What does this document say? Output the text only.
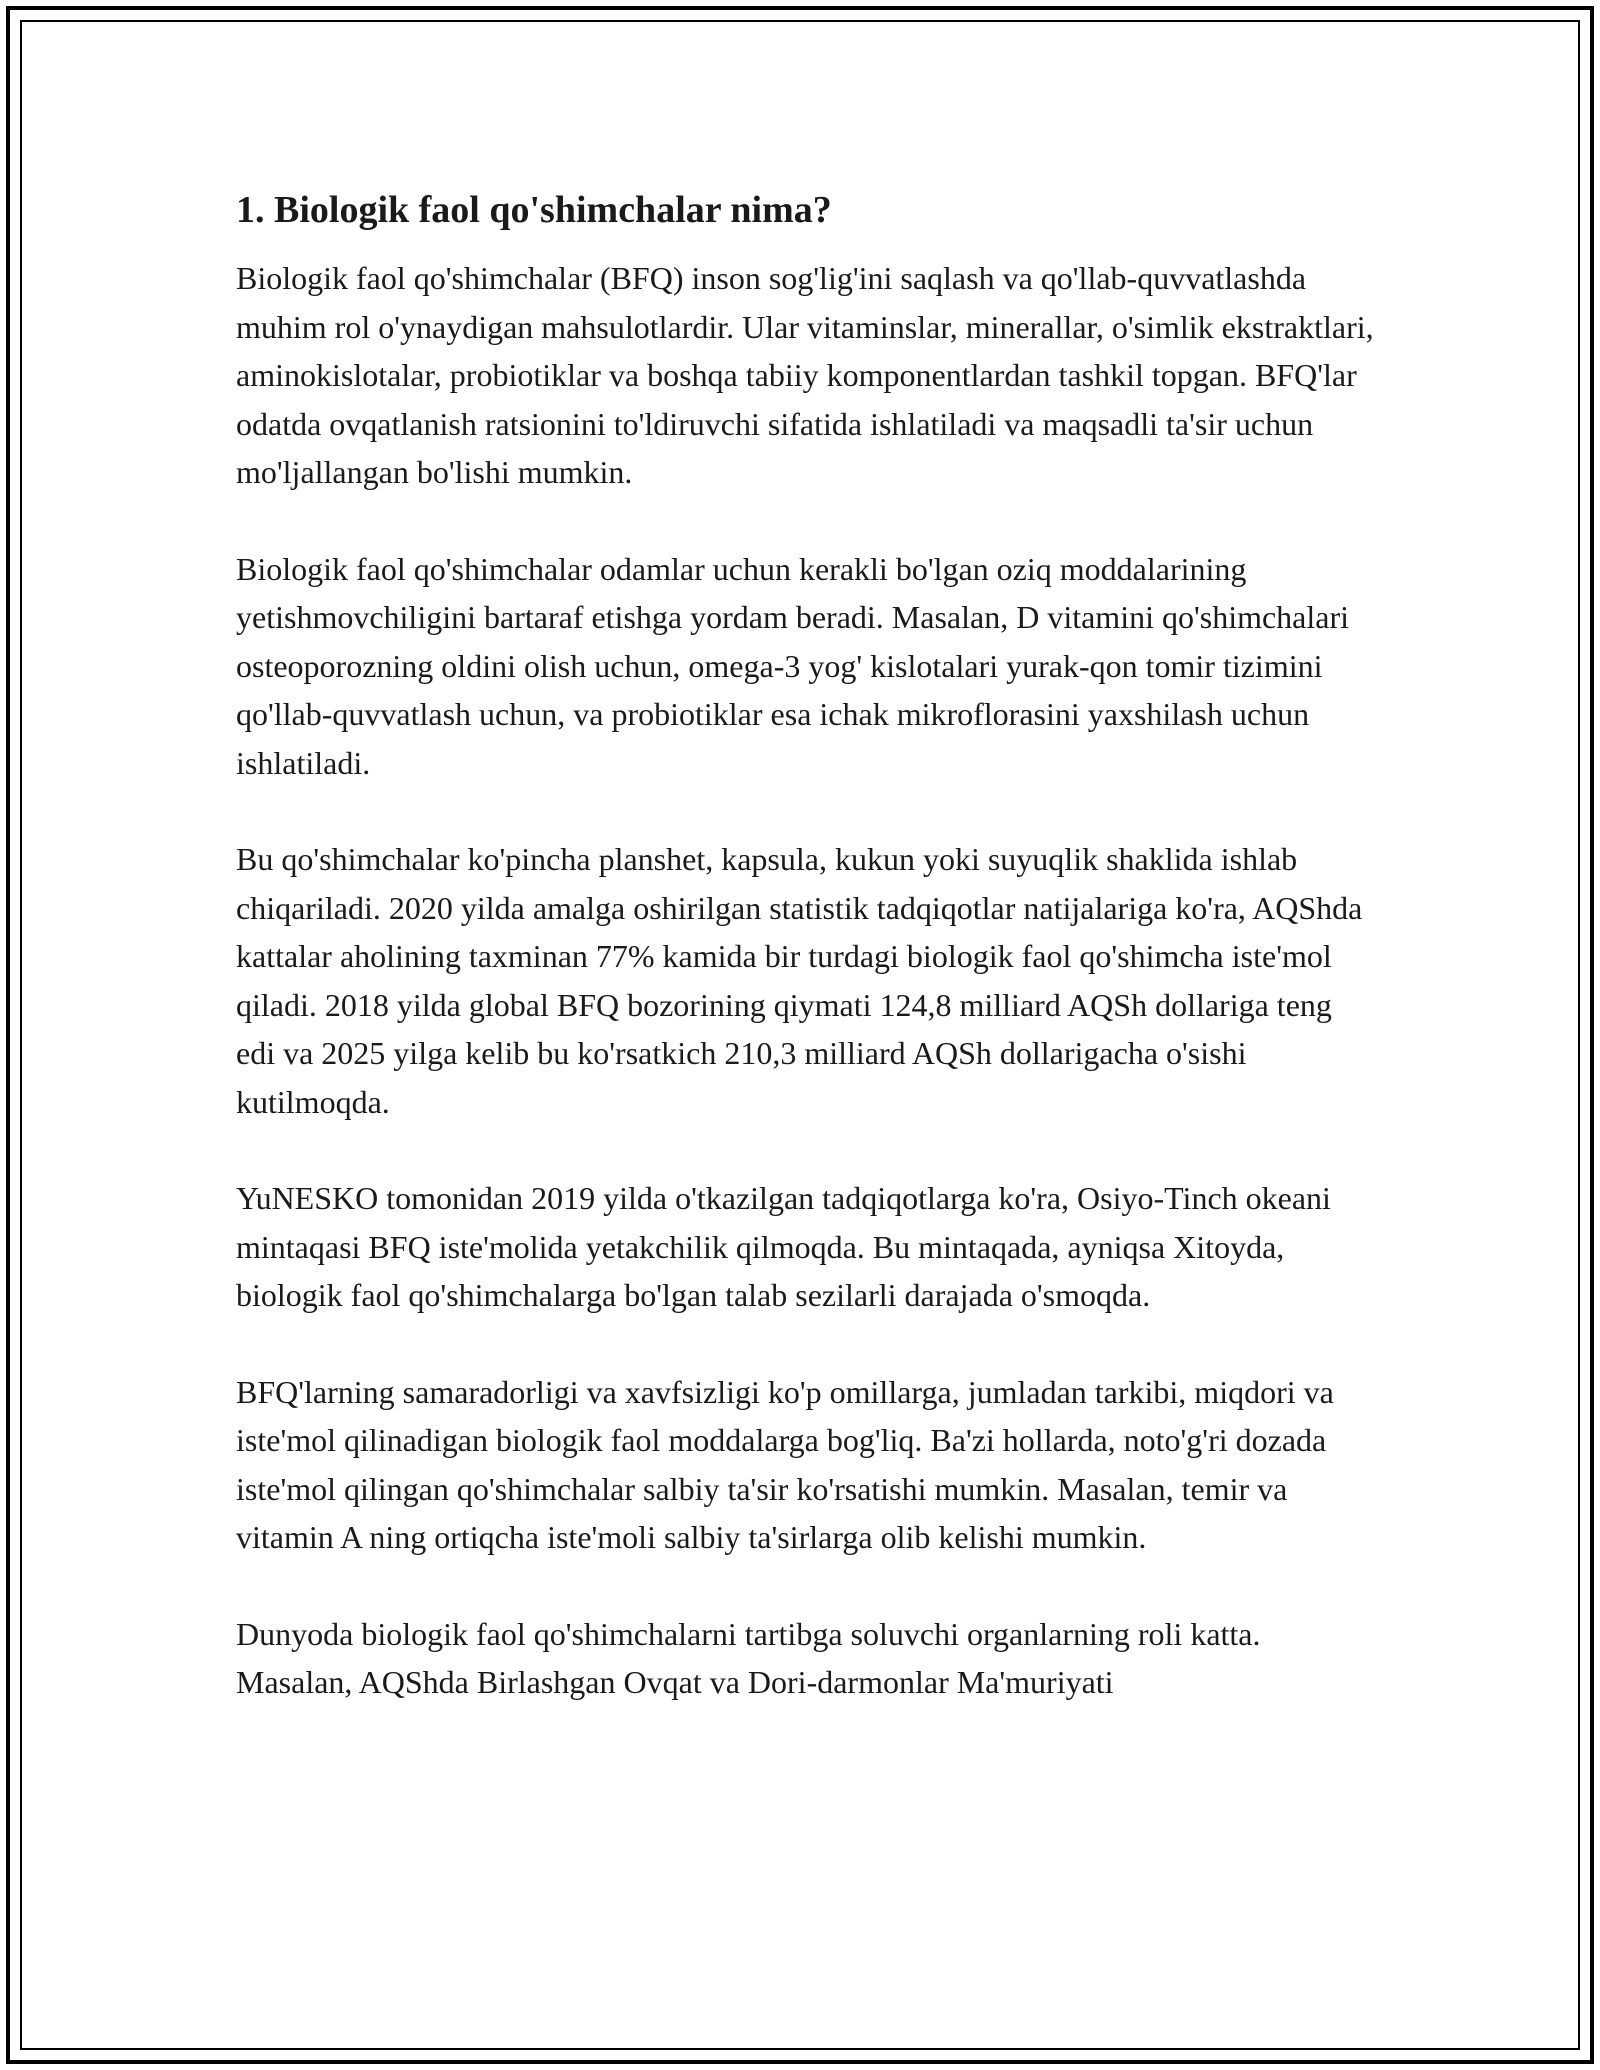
1. Biologik faol qo'shimchalar nima?

Biologik faol qo'shimchalar (BFQ) inson sog'lig'ini saqlash va qo'llab-quvvatlashda muhim rol o'ynaydigan mahsulotlardir. Ular vitaminslar, minerallar, o'simlik ekstraktlari, aminokislotalar, probiotiklar va boshqa tabiiy komponentlardan tashkil topgan. BFQ'lar odatda ovqatlanish ratsionini to'ldiruvchi sifatida ishlatiladi va maqsadli ta'sir uchun mo'ljallangan bo'lishi mumkin.

Biologik faol qo'shimchalar odamlar uchun kerakli bo'lgan oziq moddalarining yetishmovchiligini bartaraf etishga yordam beradi. Masalan, D vitamini qo'shimchalari osteoporozning oldini olish uchun, omega-3 yog' kislotalari yurak-qon tomir tizimini qo'llab-quvvatlash uchun, va probiotiklar esa ichak mikroflorasini yaxshilash uchun ishlatiladi.

Bu qo'shimchalar ko'pincha planshet, kapsula, kukun yoki suyuqlik shaklida ishlab chiqariladi. 2020 yilda amalga oshirilgan statistik tadqiqotlar natijalariga ko'ra, AQShda kattalar aholining taxminan 77% kamida bir turdagi biologik faol qo'shimcha iste'mol qiladi. 2018 yilda global BFQ bozorining qiymati 124,8 milliard AQSh dollariga teng edi va 2025 yilga kelib bu ko'rsatkich 210,3 milliard AQSh dollarigacha o'sishi kutilmoqda.

YuNESKO tomonidan 2019 yilda o'tkazilgan tadqiqotlarga ko'ra, Osiyo-Tinch okeani mintaqasi BFQ iste'molida yetakchilik qilmoqda. Bu mintaqada, ayniqsa Xitoyda, biologik faol qo'shimchalarga bo'lgan talab sezilarli darajada o'smoqda.

BFQ'larning samaradorligi va xavfsizligi ko'p omillarga, jumladan tarkibi, miqdori va iste'mol qilinadigan biologik faol moddalarga bog'liq. Ba'zi hollarda, noto'g'ri dozada iste'mol qilingan qo'shimchalar salbiy ta'sir ko'rsatishi mumkin. Masalan, temir va vitamin A ning ortiqcha iste'moli salbiy ta'sirlarga olib kelishi mumkin.

Dunyoda biologik faol qo'shimchalarni tartibga soluvchi organlarning roli katta. Masalan, AQShda Birlashgan Ovqat va Dori-darmonlar Ma'muriyati
